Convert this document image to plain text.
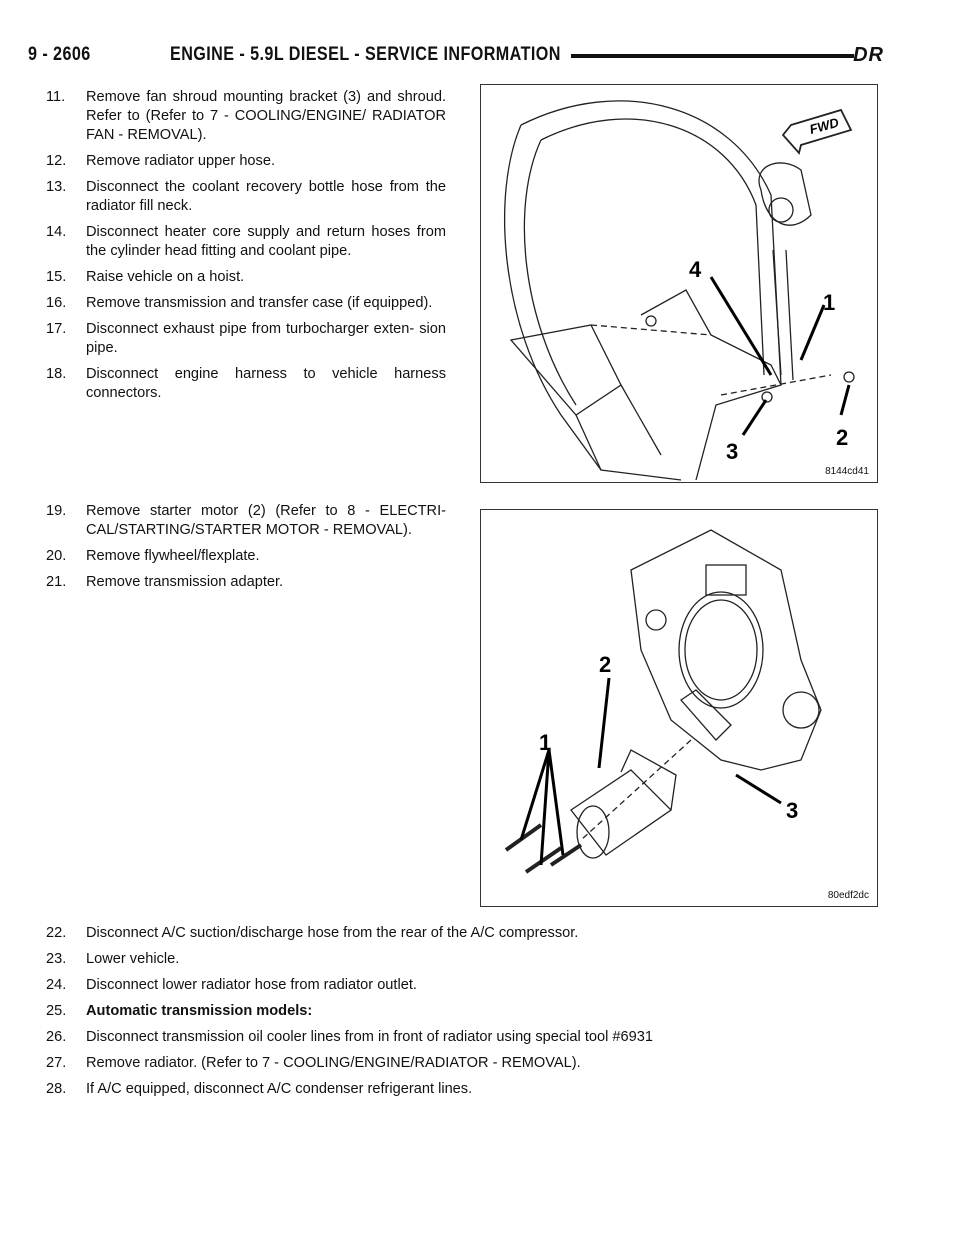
9 - 2606	ENGINE - 5.9L DIESEL - SERVICE INFORMATION	DR
11. Remove fan shroud mounting bracket (3) and shroud. Refer to (Refer to 7 - COOLING/ENGINE/ RADIATOR FAN - REMOVAL).
12. Remove radiator upper hose.
13. Disconnect the coolant recovery bottle hose from the radiator fill neck.
14. Disconnect heater core supply and return hoses from the cylinder head fitting and coolant pipe.
15. Raise vehicle on a hoist.
16. Remove transmission and transfer case (if equipped).
17. Disconnect exhaust pipe from turbocharger exten- sion pipe.
18. Disconnect engine harness to vehicle harness connectors.
FWD
4
1
2
3
8144cd41
19. Remove starter motor (2) (Refer to 8 - ELECTRI- CAL/STARTING/STARTER MOTOR - REMOVAL).
20. Remove flywheel/flexplate.
21. Remove transmission adapter.
2
1
3
80edf2dc
22. Disconnect A/C suction/discharge hose from the rear of the A/C compressor.
23. Lower vehicle.
24. Disconnect lower radiator hose from radiator outlet.
25. Automatic transmission models:
26. Disconnect transmission oil cooler lines from in front of radiator using special tool #6931
27. Remove radiator. (Refer to 7 - COOLING/ENGINE/RADIATOR - REMOVAL).
28. If A/C equipped, disconnect A/C condenser refrigerant lines.
